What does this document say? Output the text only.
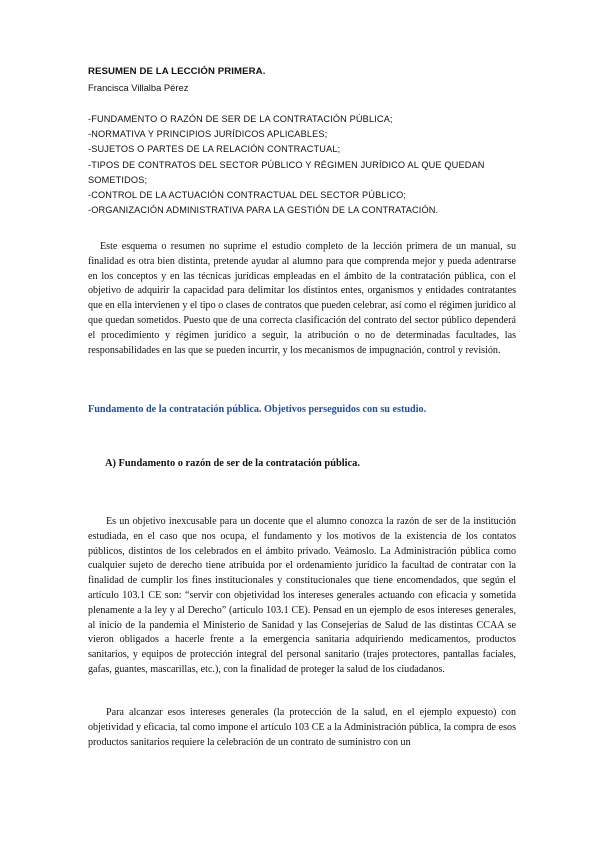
RESUMEN DE LA LECCIÓN PRIMERA.
Francisca Villalba Pérez
-FUNDAMENTO O RAZÓN DE SER DE LA CONTRATACIÓN PÚBLICA;
-NORMATIVA Y PRINCIPIOS JURÍDICOS APLICABLES;
-SUJETOS O PARTES DE LA RELACIÓN CONTRACTUAL;
-TIPOS DE CONTRATOS DEL SECTOR PÚBLICO Y RÉGIMEN JURÍDICO AL QUE QUEDAN SOMETIDOS;
-CONTROL DE LA ACTUACIÓN CONTRACTUAL DEL SECTOR PÚBLICO;
-ORGANIZACIÓN ADMINISTRATIVA PARA LA GESTIÓN DE LA CONTRATACIÓN.

Este esquema o resumen no suprime el estudio completo de la lección primera de un manual, su finalidad es otra bien distinta, pretende ayudar al alumno para que comprenda mejor y pueda adentrarse en los conceptos y en las técnicas jurídicas empleadas en el ámbito de la contratación pública, con el objetivo de adquirir la capacidad para delimitar los distintos entes, organismos y entidades contratantes que en ella intervienen y el tipo o clases de contratos que pueden celebrar, así como el régimen jurídico al que quedan sometidos. Puesto que de una correcta clasificación del contrato del sector público dependerá el procedimiento y régimen jurídico a seguir, la atribución o no de determinadas facultades, las responsabilidades en las que se pueden incurrir, y los mecanismos de impugnación, control y revisión.

Fundamento de la contratación pública. Objetivos perseguidos con su estudio.
A) Fundamento o razón de ser de la contratación pública.

Es un objetivo inexcusable para un docente que el alumno conozca la razón de ser de la institución estudiada, en el caso que nos ocupa, el fundamento y los motivos de la existencia de los contatos públicos, distintos de los celebrados en el ámbito privado. Veámoslo. La Administración pública como cualquier sujeto de derecho tiene atribuida por el ordenamiento jurídico la facultad de contratar con la finalidad de cumplir los fines institucionales y constitucionales que tiene encomendados, que según el artículo 103.1 CE son: “servir con objetividad los intereses generales actuando con eficacia y sometida plenamente a la ley y al Derecho” (artículo 103.1 CE). Pensad en un ejemplo de esos intereses generales, al inicio de la pandemia el Ministerio de Sanidad y las Consejerías de Salud de las distintas CCAA se vieron obligados a hacerle frente a la emergencia sanitaria adquiriendo medicamentos, productos sanitarios, y equipos de protección integral del personal sanitario (trajes protectores, pantallas faciales, gafas, guantes, mascarillas, etc.), con la finalidad de proteger la salud de los ciudadanos.

Para alcanzar esos intereses generales (la protección de la salud, en el ejemplo expuesto) con objetividad y eficacia, tal como impone el artículo 103 CE a la Administración pública, la compra de esos productos sanitarios requiere la celebración de un contrato de suministro con un
